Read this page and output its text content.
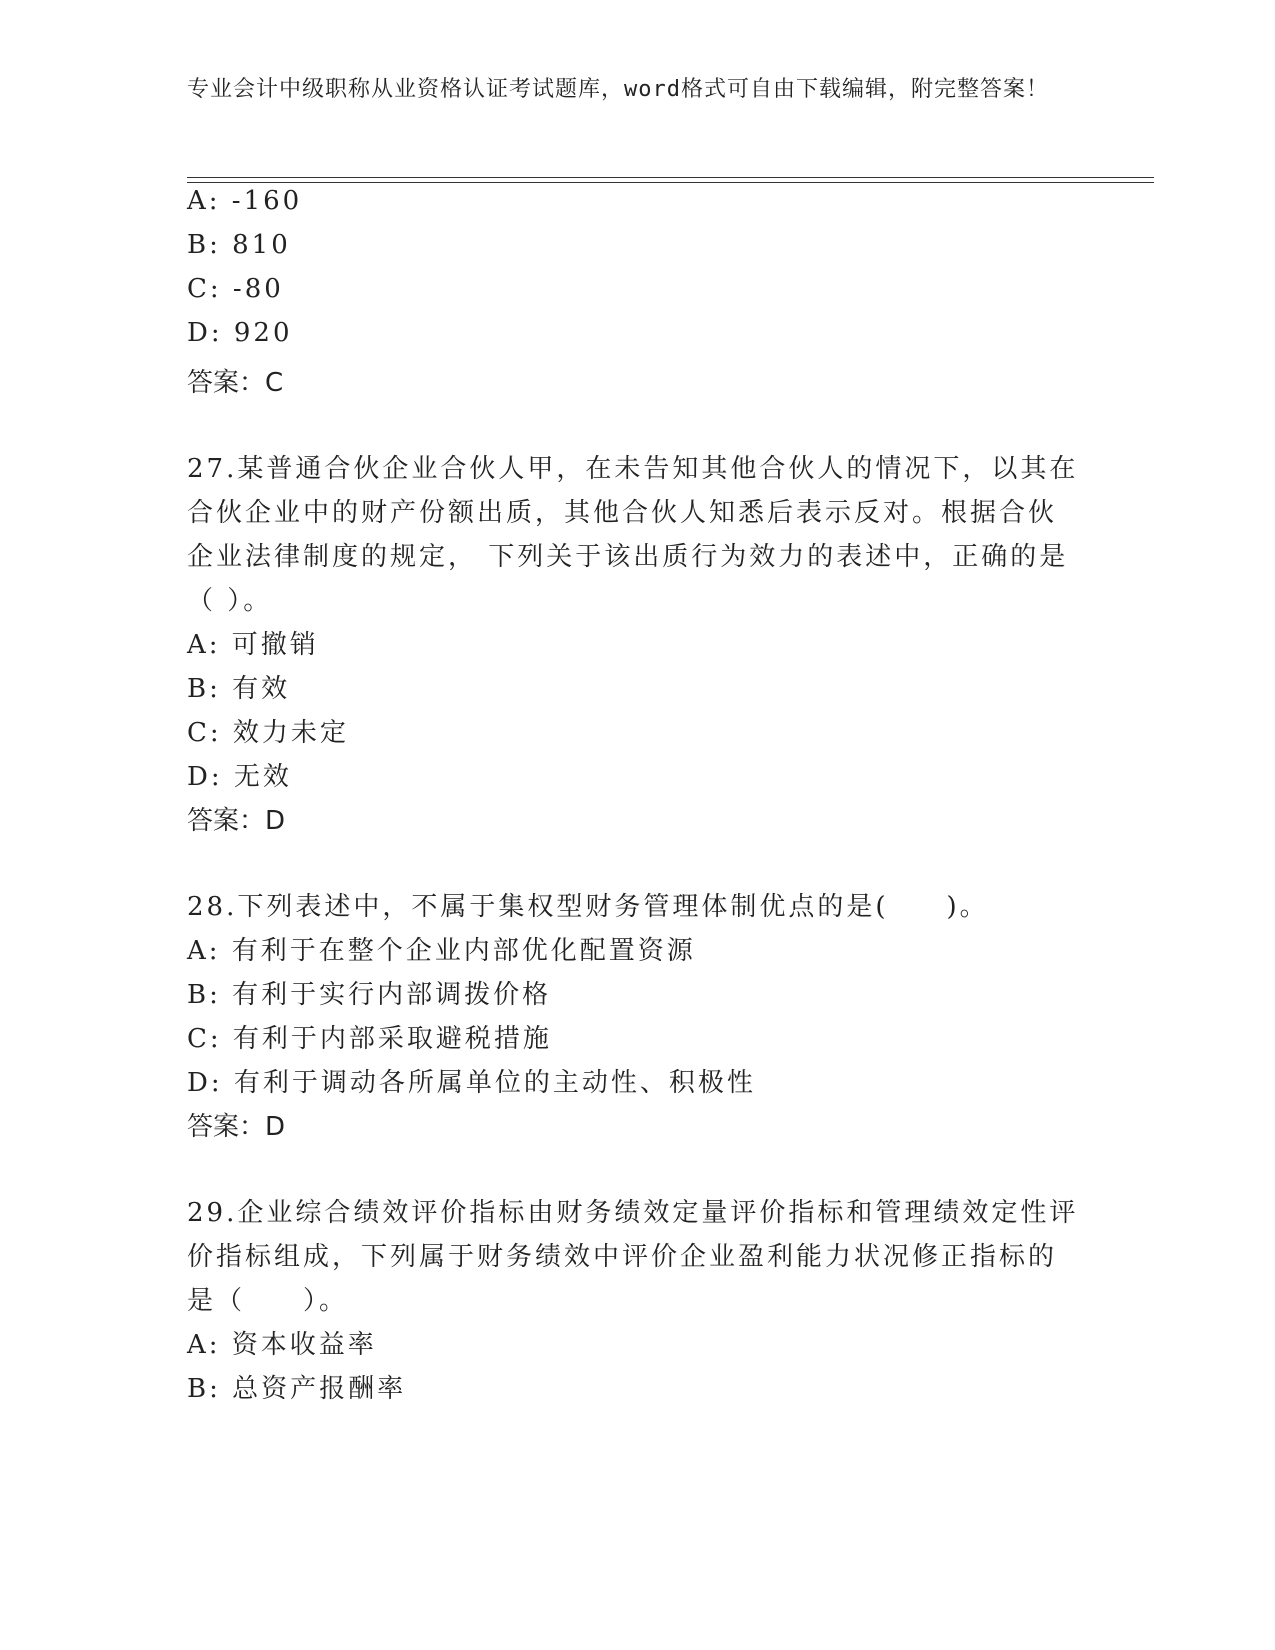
专业会计中级职称从业资格认证考试题库，word格式可自由下载编辑，附完整答案！
A: -160
B: 810
C: -80
D: 920
答案：C
27.某普通合伙企业合伙人甲，在未告知其他合伙人的情况下，以其在
合伙企业中的财产份额出质，其他合伙人知悉后表示反对。根据合伙
企业法律制度的规定， 下列关于该出质行为效力的表述中，正确的是
（ ）。
A: 可撤销
B: 有效
C: 效力未定
D: 无效
答案：D
28.下列表述中，不属于集权型财务管理体制优点的是(　　)。
A: 有利于在整个企业内部优化配置资源
B: 有利于实行内部调拨价格
C: 有利于内部采取避税措施
D: 有利于调动各所属单位的主动性、积极性
答案：D
29.企业综合绩效评价指标由财务绩效定量评价指标和管理绩效定性评
价指标组成，下列属于财务绩效中评价企业盈利能力状况修正指标的
是（　　）。
A: 资本收益率
B: 总资产报酬率
